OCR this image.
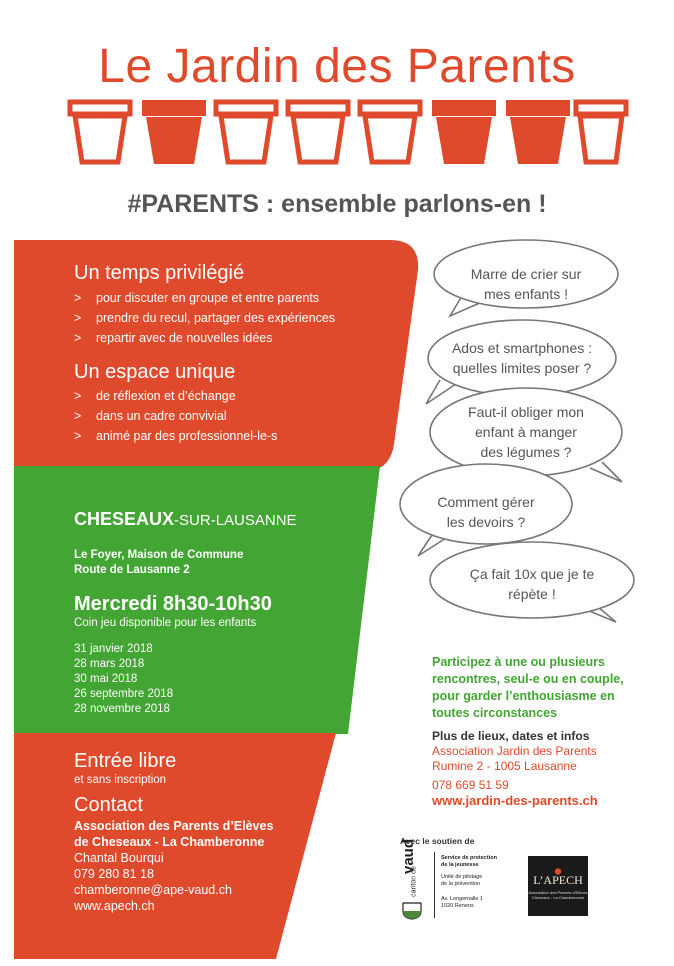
Le Jardin des Parents
#PARENTS : ensemble parlons-en !
Un temps privilégié
> pour discuter en groupe et entre parents
> prendre du recul, partager des expériences
> repartir avec de nouvelles idées
Un espace unique
> de réflexion et d’échange
> dans un cadre convivial
> animé par des professionnel-le-s
CHESEAUX-SUR-LAUSANNE
Le Foyer, Maison de Commune
Route de Lausanne 2
Mercredi 8h30-10h30
Coin jeu disponible pour les enfants
31 janvier 2018
28 mars 2018
30 mai 2018
26 septembre 2018
28 novembre 2018
Entrée libre
et sans inscription
Contact
Association des Parents d’Elèves
de Cheseaux - La Chamberonne
Chantal Bourqui
079 280 81 18
chamberonne@ape-vaud.ch
www.apech.ch
Marre de crier sur
mes enfants !
Ados et smartphones :
quelles limites poser ?
Faut-il obliger mon
enfant à manger
des légumes ?
Comment gérer
les devoirs ?
Ça fait 10x que je te
répète !
Participez à une ou plusieurs
rencontres, seul-e ou en couple,
pour garder l’enthousiasme en
toutes circonstances
Plus de lieux, dates et infos
Association Jardin des Parents
Rumine 2 - 1005 Lausanne
078 669 51 59
www.jardin-des-parents.ch
Avec le soutien de
canton de
vaud	Service de protection
de la jeunesse
Unité de pilotage
de la prévention
Av. Longemalle 1
1020 Renens
L’APECH
Association des Parents d’Elèves
Cheseaux - La Chamberonne
